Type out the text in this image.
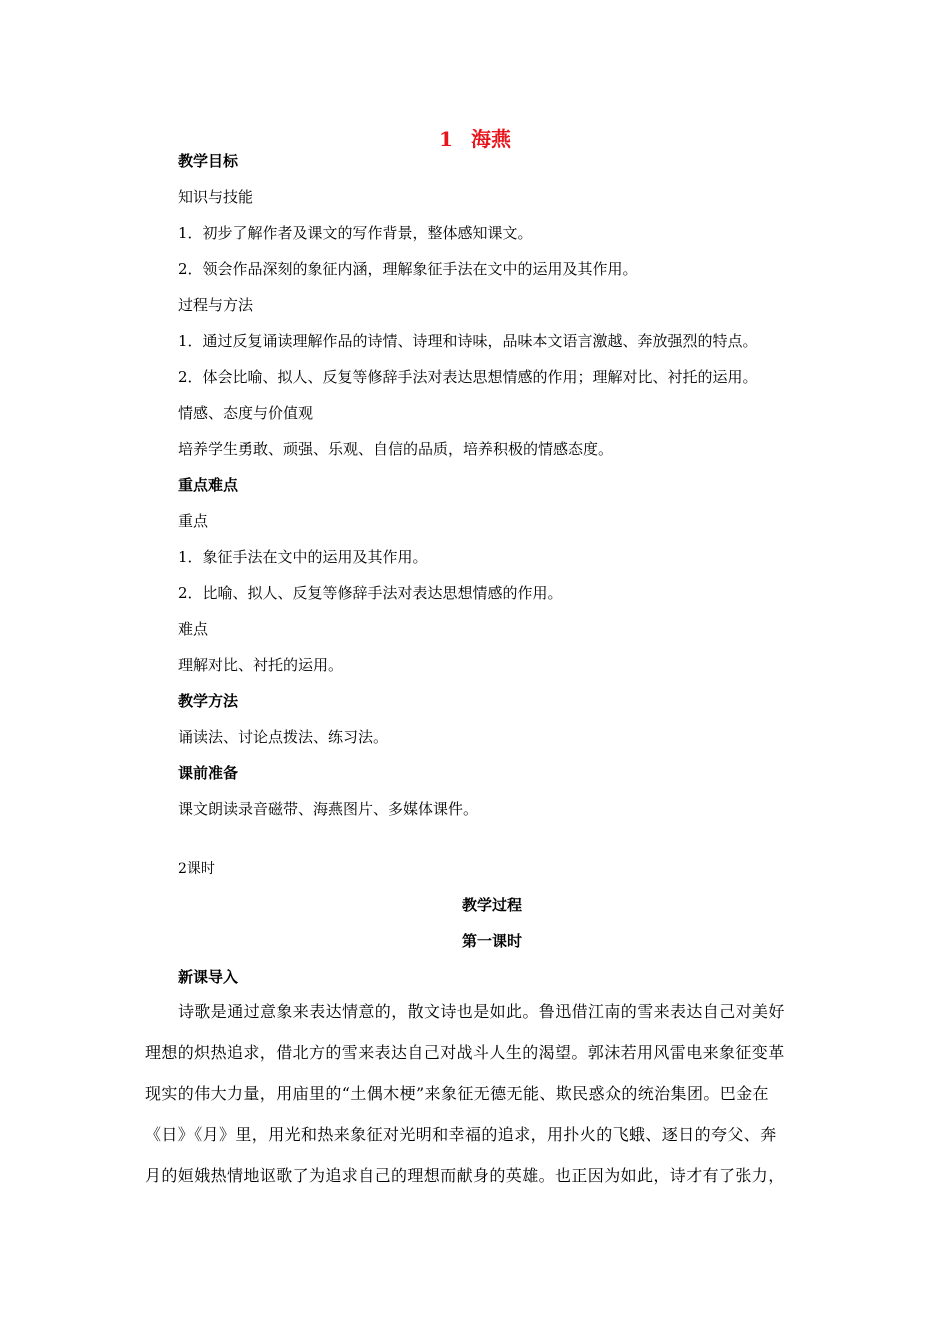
1 海燕
教学目标
知识与技能
1．初步了解作者及课文的写作背景，整体感知课文。
2．领会作品深刻的象征内涵，理解象征手法在文中的运用及其作用。
过程与方法
1．通过反复诵读理解作品的诗情、诗理和诗味，品味本文语言激越、奔放强烈的特点。
2．体会比喻、拟人、反复等修辞手法对表达思想情感的作用；理解对比、衬托的运用。
情感、态度与价值观
培养学生勇敢、顽强、乐观、自信的品质，培养积极的情感态度。
重点难点
重点
1．象征手法在文中的运用及其作用。
2．比喻、拟人、反复等修辞手法对表达思想情感的作用。
难点
理解对比、衬托的运用。
教学方法
诵读法、讨论点拨法、练习法。
课前准备
课文朗读录音磁带、海燕图片、多媒体课件。
2课时
教学过程
第一课时
新课导入
诗歌是通过意象来表达情意的，散文诗也是如此。鲁迅借江南的雪来表达自己对美好
理想的炽热追求，借北方的雪来表达自己对战斗人生的渴望。郭沫若用风雷电来象征变革
现实的伟大力量，用庙里的“土偶木梗”来象征无德无能、欺民惑众的统治集团。巴金在
《日》《月》里，用光和热来象征对光明和幸福的追求，用扑火的飞蛾、逐日的夸父、奔
月的姮娥热情地讴歌了为追求自己的理想而献身的英雄。也正因为如此，诗才有了张力，
